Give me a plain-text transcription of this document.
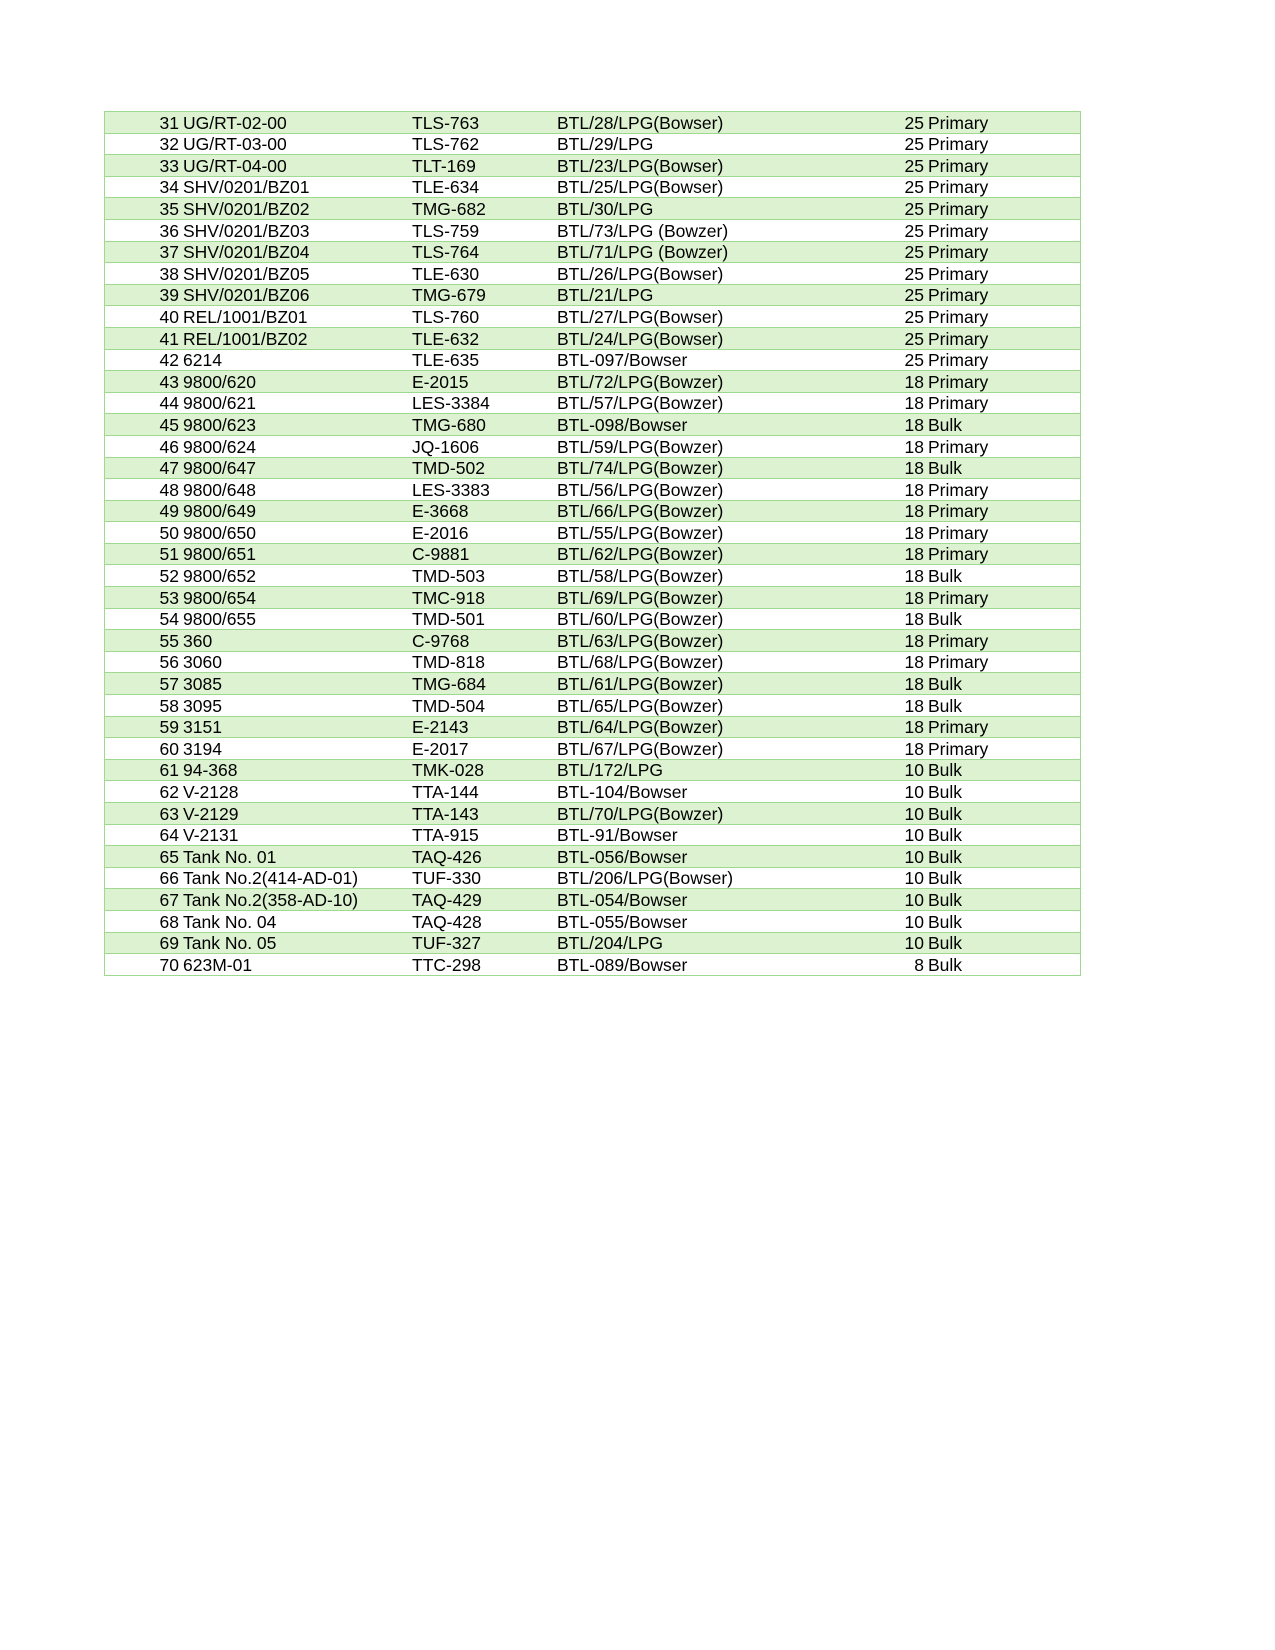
31	UG/RT-02-00	TLS-763	BTL/28/LPG(Bowser)	25	Primary
32	UG/RT-03-00	TLS-762	BTL/29/LPG	25	Primary
33	UG/RT-04-00	TLT-169	BTL/23/LPG(Bowser)	25	Primary
34	SHV/0201/BZ01	TLE-634	BTL/25/LPG(Bowser)	25	Primary
35	SHV/0201/BZ02	TMG-682	BTL/30/LPG	25	Primary
36	SHV/0201/BZ03	TLS-759	BTL/73/LPG (Bowzer)	25	Primary
37	SHV/0201/BZ04	TLS-764	BTL/71/LPG (Bowzer)	25	Primary
38	SHV/0201/BZ05	TLE-630	BTL/26/LPG(Bowser)	25	Primary
39	SHV/0201/BZ06	TMG-679	BTL/21/LPG	25	Primary
40	REL/1001/BZ01	TLS-760	BTL/27/LPG(Bowser)	25	Primary
41	REL/1001/BZ02	TLE-632	BTL/24/LPG(Bowser)	25	Primary
42	6214	TLE-635	BTL-097/Bowser	25	Primary
43	9800/620	E-2015	BTL/72/LPG(Bowzer)	18	Primary
44	9800/621	LES-3384	BTL/57/LPG(Bowzer)	18	Primary
45	9800/623	TMG-680	BTL-098/Bowser	18	Bulk
46	9800/624	JQ-1606	BTL/59/LPG(Bowzer)	18	Primary
47	9800/647	TMD-502	BTL/74/LPG(Bowzer)	18	Bulk
48	9800/648	LES-3383	BTL/56/LPG(Bowzer)	18	Primary
49	9800/649	E-3668	BTL/66/LPG(Bowzer)	18	Primary
50	9800/650	E-2016	BTL/55/LPG(Bowzer)	18	Primary
51	9800/651	C-9881	BTL/62/LPG(Bowzer)	18	Primary
52	9800/652	TMD-503	BTL/58/LPG(Bowzer)	18	Bulk
53	9800/654	TMC-918	BTL/69/LPG(Bowzer)	18	Primary
54	9800/655	TMD-501	BTL/60/LPG(Bowzer)	18	Bulk
55	360	C-9768	BTL/63/LPG(Bowzer)	18	Primary
56	3060	TMD-818	BTL/68/LPG(Bowzer)	18	Primary
57	3085	TMG-684	BTL/61/LPG(Bowzer)	18	Bulk
58	3095	TMD-504	BTL/65/LPG(Bowzer)	18	Bulk
59	3151	E-2143	BTL/64/LPG(Bowzer)	18	Primary
60	3194	E-2017	BTL/67/LPG(Bowzer)	18	Primary
61	94-368	TMK-028	BTL/172/LPG	10	Bulk
62	V-2128	TTA-144	BTL-104/Bowser	10	Bulk
63	V-2129	TTA-143	BTL/70/LPG(Bowzer)	10	Bulk
64	V-2131	TTA-915	BTL-91/Bowser	10	Bulk
65	Tank No. 01	TAQ-426	BTL-056/Bowser	10	Bulk
66	Tank No.2(414-AD-01)	TUF-330	BTL/206/LPG(Bowser)	10	Bulk
67	Tank No.2(358-AD-10)	TAQ-429	BTL-054/Bowser	10	Bulk
68	Tank No. 04	TAQ-428	BTL-055/Bowser	10	Bulk
69	Tank No. 05	TUF-327	BTL/204/LPG	10	Bulk
70	623M-01	TTC-298	BTL-089/Bowser	8	Bulk
